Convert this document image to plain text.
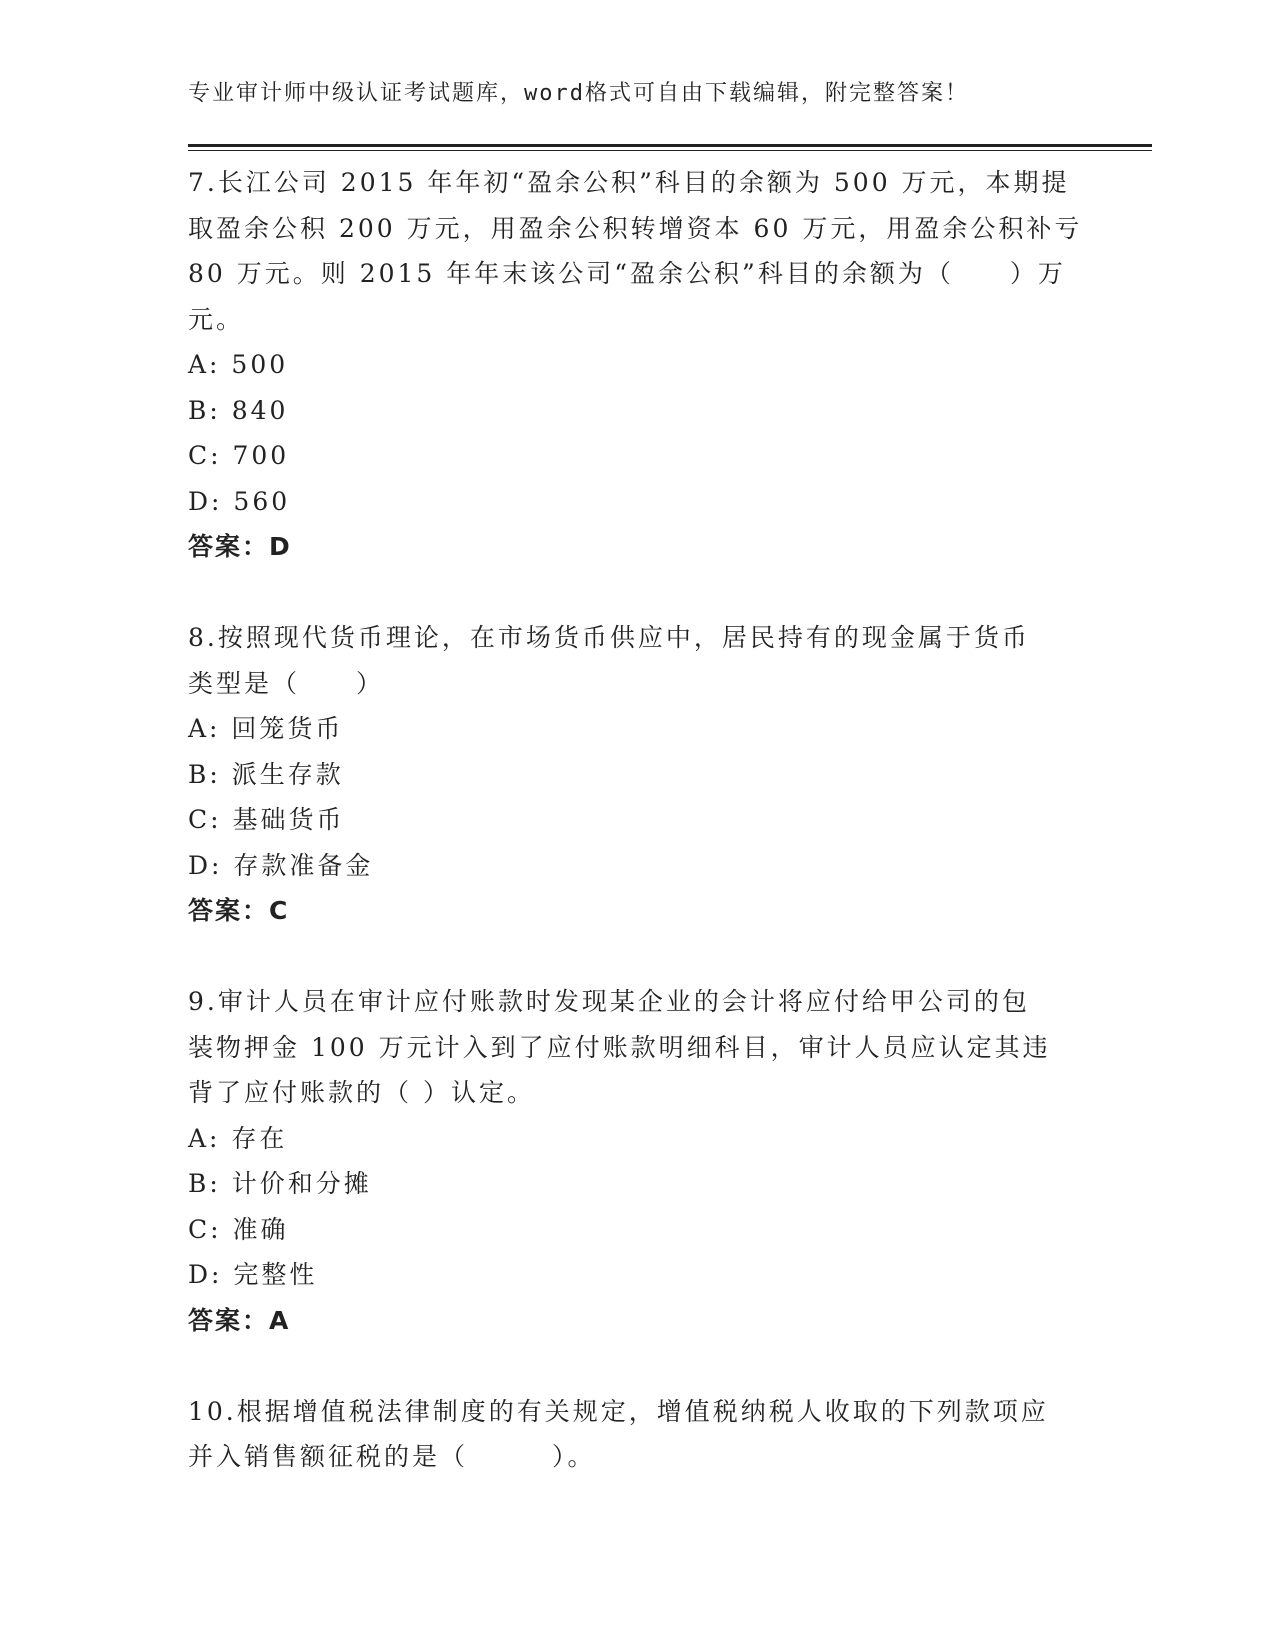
专业审计师中级认证考试题库，word格式可自由下载编辑，附完整答案！
7.长江公司 2015 年年初“盈余公积”科目的余额为 500 万元，本期提
取盈余公积 200 万元，用盈余公积转增资本 60 万元，用盈余公积补亏
80 万元。则 2015 年年末该公司“盈余公积”科目的余额为（　　）万
元。
A: 500
B: 840
C: 700
D: 560
答案：D
8.按照现代货币理论，在市场货币供应中，居民持有的现金属于货币
类型是（　　）
A: 回笼货币
B: 派生存款
C: 基础货币
D: 存款准备金
答案：C
9.审计人员在审计应付账款时发现某企业的会计将应付给甲公司的包
装物押金 100 万元计入到了应付账款明细科目，审计人员应认定其违
背了应付账款的（ ）认定。
A: 存在
B: 计价和分摊
C: 准确
D: 完整性
答案：A
10.根据增值税法律制度的有关规定，增值税纳税人收取的下列款项应
并入销售额征税的是（　　　）。
